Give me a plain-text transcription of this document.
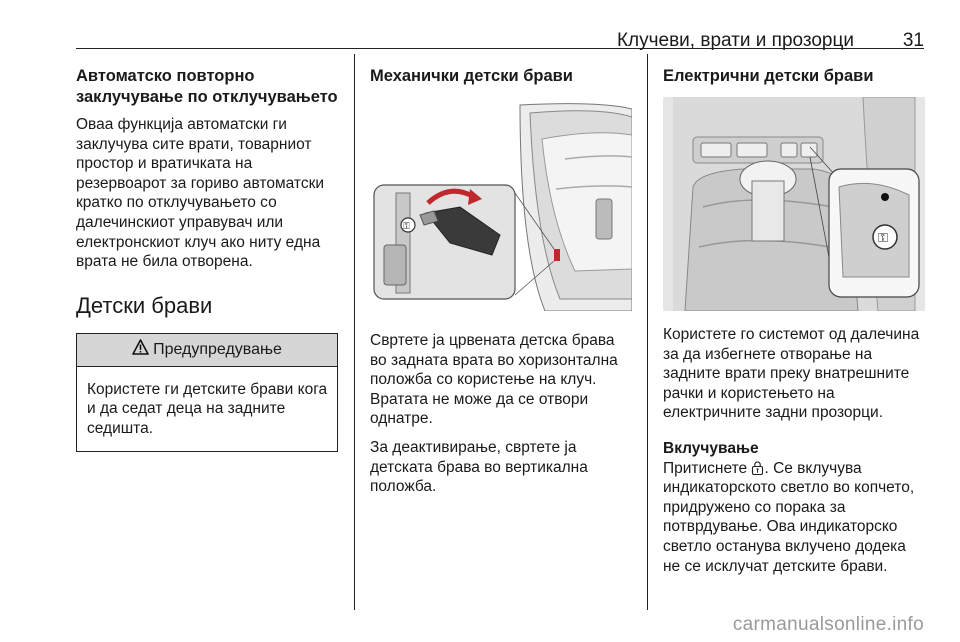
Клучеви, врати и прозорци	31
Автоматско повторно заклучување по отклучувањето
Оваа функција автоматски ги заклучува сите врати, товарниот простор и вратичката на резервоарот за гориво автоматски кратко по отклучувањето со далечинскиот управувач или електронскиот клуч ако ниту една врата не била отворена.
Детски брави
Предупредување
Користете ги детските брави кога и да седат деца на задните седишта.
Механички детски брави
⚿
Свртете ја црвената детска брава во задната врата во хоризонтална положба со користење на клуч. Вратата не може да се отвори однатре.
За деактивирање, свртете ја детската брава во вертикална положба.
Електрични детски брави
⚿
Користете го системот од далечина за да избегнете отворање на задните врати преку внатрешните рачки и користењето на електричните задни прозорци.
Вклучување
Притиснете . Се вклучува индикаторското светло во копчето, придружено со порака за потврдување. Ова индикаторско светло останува вклучено додека не се исклучат детските брави.
carmanualsonline.info
